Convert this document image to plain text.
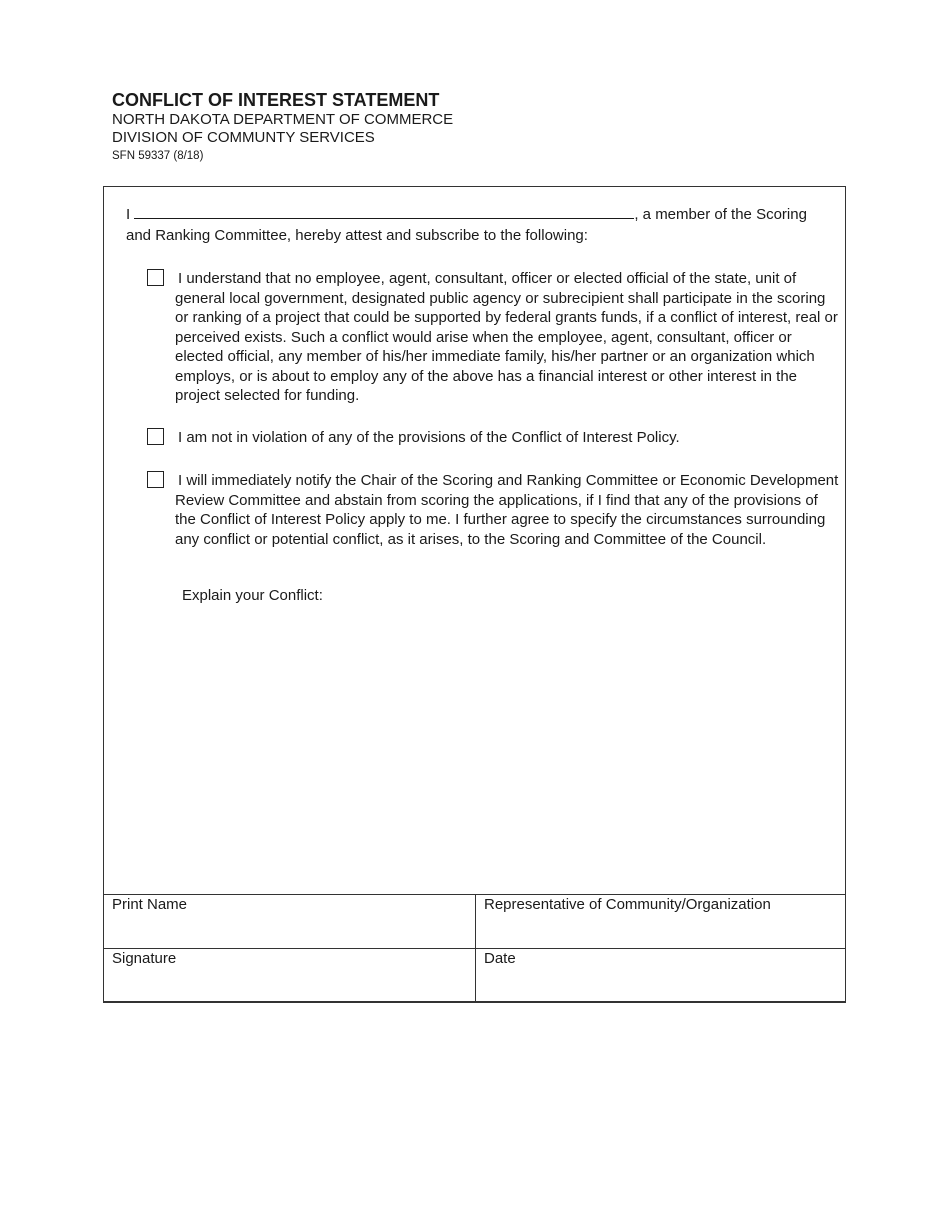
CONFLICT OF INTEREST STATEMENT
NORTH DAKOTA DEPARTMENT OF COMMERCE
DIVISION OF COMMUNTY SERVICES
SFN 59337 (8/18)
I	, a member of the Scoring and Ranking Committee, hereby attest and subscribe to the following:
I understand that no employee, agent, consultant, officer or elected official of the state, unit of general local government, designated public agency or subrecipient shall participate in the scoring or ranking of a project that could be supported by federal grants funds, if a conflict of interest, real or perceived exists. Such a conflict would arise when the employee, agent, consultant, officer or elected official, any member of his/her immediate family, his/her partner or an organization which employs, or is about to employ any of the above has a financial interest or other interest in the project selected for funding.
I am not in violation of any of the provisions of the Conflict of Interest Policy.
I will immediately notify the Chair of the Scoring and Ranking Committee or Economic Development Review Committee and abstain from scoring the applications, if I find that any of the provisions of the Conflict of Interest Policy apply to me. I further agree to specify the circumstances surrounding any conflict or potential conflict, as it arises, to the Scoring and Committee of the Council.
Explain your Conflict:
Print Name	Representative of Community/Organization

Signature	Date
